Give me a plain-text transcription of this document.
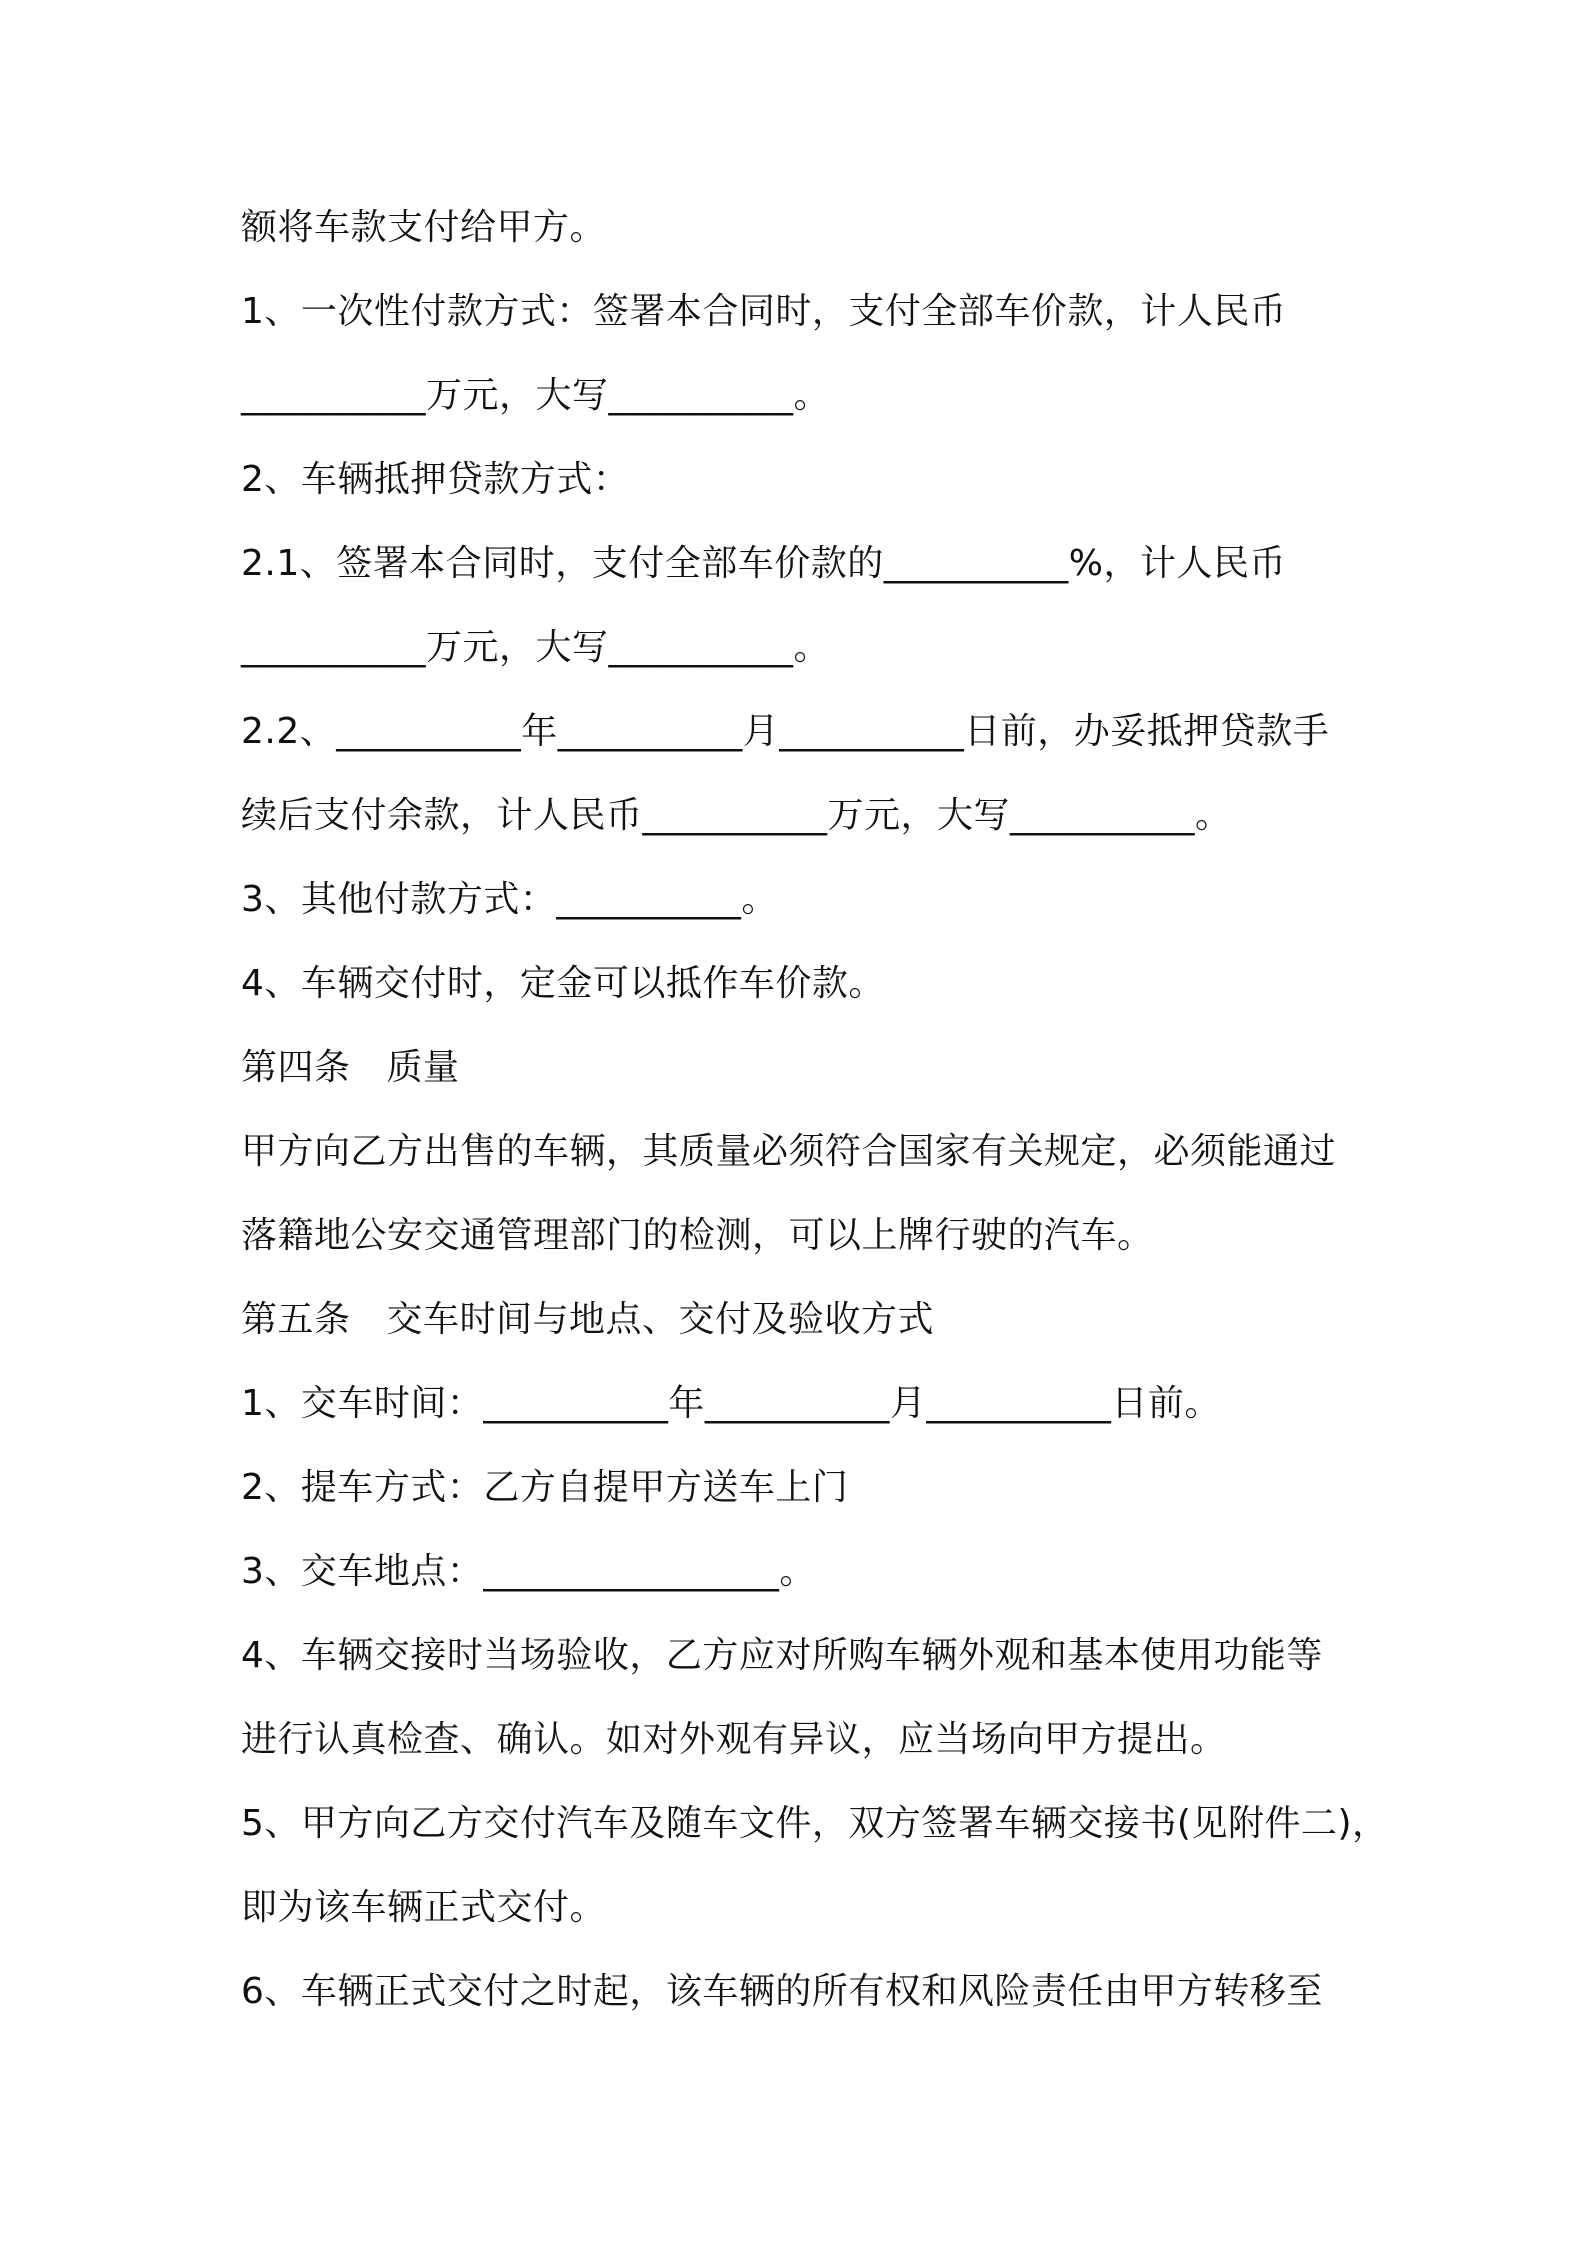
额将车款支付给甲方。
1、一次性付款方式：签署本合同时，支付全部车价款，计人民币
__________万元，大写__________。
2、车辆抵押贷款方式：
2.1、签署本合同时，支付全部车价款的__________%，计人民币
__________万元，大写__________。
2.2、__________年__________月__________日前，办妥抵押贷款手
续后支付余款，计人民币__________万元，大写__________。
3、其他付款方式：__________。
4、车辆交付时，定金可以抵作车价款。
第四条 质量
甲方向乙方出售的车辆，其质量必须符合国家有关规定，必须能通过
落籍地公安交通管理部门的检测，可以上牌行驶的汽车。
第五条 交车时间与地点、交付及验收方式
1、交车时间：__________年__________月__________日前。
2、提车方式：乙方自提甲方送车上门
3、交车地点：________________。
4、车辆交接时当场验收，乙方应对所购车辆外观和基本使用功能等
进行认真检查、确认。如对外观有异议，应当场向甲方提出。
5、甲方向乙方交付汽车及随车文件，双方签署车辆交接书(见附件二)，
即为该车辆正式交付。
6、车辆正式交付之时起，该车辆的所有权和风险责任由甲方转移至
